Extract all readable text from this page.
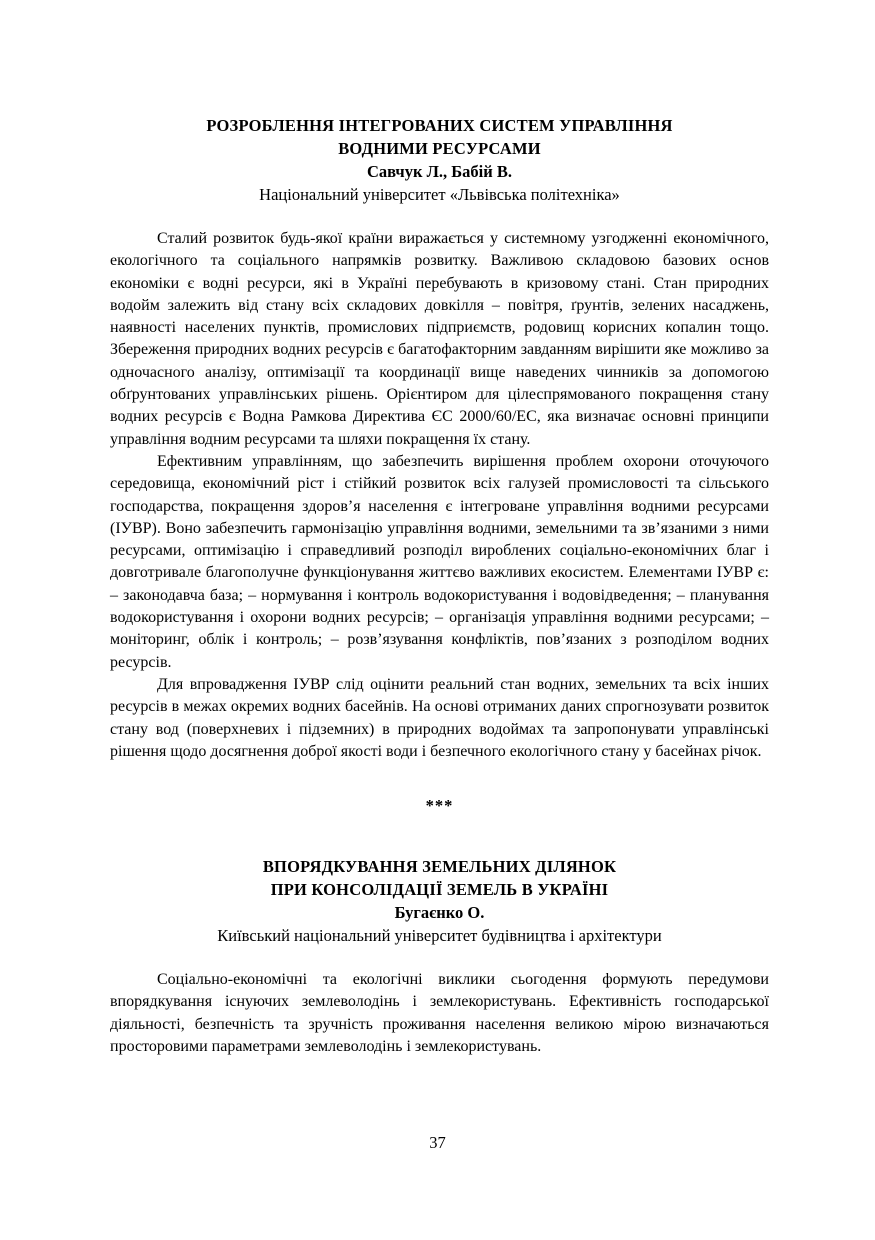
РОЗРОБЛЕННЯ ІНТЕГРОВАНИХ СИСТЕМ УПРАВЛІННЯ
ВОДНИМИ РЕСУРСАМИ
Савчук Л., Бабій В.
Національний університет «Львівська політехніка»

Сталий розвиток будь-якої країни виражається у системному узгодженні економічного, екологічного та соціального напрямків розвитку. Важливою складовою базових основ економіки є водні ресурси, які в Україні перебувають в кризовому стані. Стан природних водойм залежить від стану всіх складових довкілля – повітря, ґрунтів, зелених насаджень, наявності населених пунктів, промислових підприємств, родовищ корисних копалин тощо. Збереження природних водних ресурсів є багатофакторним завданням вирішити яке можливо за одночасного аналізу, оптимізації та координації вище наведених чинників за допомогою обґрунтованих управлінських рішень. Орієнтиром для цілеспрямованого покращення стану водних ресурсів є Водна Рамкова Директива ЄС 2000/60/ЕС, яка визначає основні принципи управління водним ресурсами та шляхи покращення їх стану.

Ефективним управлінням, що забезпечить вирішення проблем охорони оточуючого середовища, економічний ріст і стійкий розвиток всіх галузей промисловості та сільського господарства, покращення здоров’я населення є інтегроване управління водними ресурсами (ІУВР). Воно забезпечить гармонізацію управління водними, земельними та зв’язаними з ними ресурсами, оптимізацію і справедливий розподіл вироблених соціально-економічних благ і довготривале благополучне функціонування життєво важливих екосистем. Елементами ІУВР є: – законодавча база; – нормування і контроль водокористування і водовідведення; – планування водокористування і охорони водних ресурсів; – організація управління водними ресурсами; – моніторинг, облік і контроль; – розв’язування конфліктів, пов’язаних з розподілом водних ресурсів.

Для впровадження ІУВР слід оцінити реальний стан водних, земельних та всіх інших ресурсів в межах окремих водних басейнів. На основі отриманих даних спрогнозувати розвиток стану вод (поверхневих і підземних) в природних водоймах та запропонувати управлінські рішення щодо досягнення доброї якості води і безпечного екологічного стану у басейнах річок.

***
ВПОРЯДКУВАННЯ ЗЕМЕЛЬНИХ ДІЛЯНОК
ПРИ КОНСОЛІДАЦІЇ ЗЕМЕЛЬ В УКРАЇНІ
Бугаєнко О.
Київський національний університет будівництва і архітектури

Соціально-економічні та екологічні виклики сьогодення формують передумови впорядкування існуючих землеволодінь і землекористувань. Ефективність господарської діяльності, безпечність та зручність проживання населення великою мірою визначаються просторовими параметрами землеволодінь і землекористувань.

37
